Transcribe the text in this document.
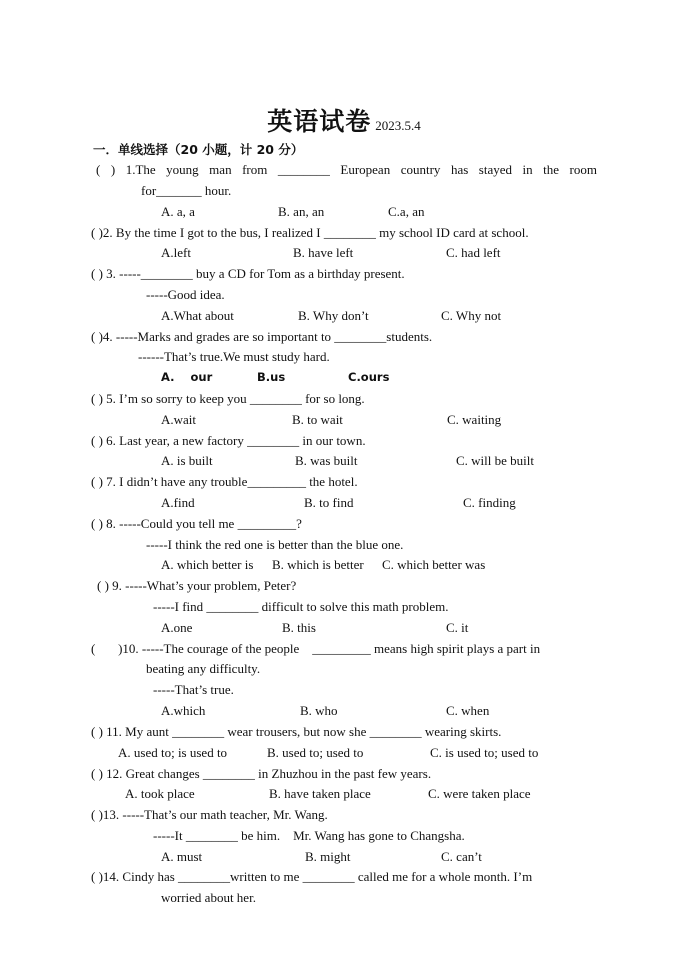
英语试卷 2023.5.4
一．单线选择（20 小题，计 20 分）
( ) 1.The young man from ________ European country has stayed in the room
for_______ hour.
A. a, a	B. an, an	C.a, an
( )2. By the time I got to the bus, I realized I ________ my school ID card at school.
A.left	B. have left	C. had left
( ) 3. -----________ buy a CD for Tom as a birthday present.
-----Good idea.
A.What about	B. Why don’t	C. Why not
( )4. -----Marks and grades are so important to ________students.
------That’s true.We must study hard.
A.    our	B.us	C.ours
( ) 5. I’m so sorry to keep you ________ for so long.
A.wait	B. to wait	C. waiting
( ) 6. Last year, a new factory ________ in our town.
A. is built	B. was built	C. will be built
( ) 7. I didn’t have any trouble_________ the hotel.
A.find	B. to find	C. finding
( ) 8. -----Could you tell me _________?
-----I think the red one is better than the blue one.
A. which better is B. which is better C. which better was
( ) 9. -----What’s your problem, Peter?
-----I find ________ difficult to solve this math problem.
A.one	B. this	C. it
(       )10. -----The courage of the people    _________ means high spirit plays a part in
beating any difficulty.
-----That’s true.
A.which	B. who	C. when
( ) 11. My aunt ________ wear trousers, but now she ________ wearing skirts.
A. used to; is used to	B. used to; used to	C. is used to; used to
( ) 12. Great changes ________ in Zhuzhou in the past few years.
A. took place	B. have taken place	C. were taken place
( )13. -----That’s our math teacher, Mr. Wang.
-----It ________ be him.    Mr. Wang has gone to Changsha.
A. must	B. might	C. can’t
( )14. Cindy has ________written to me ________ called me for a whole month. I’m
worried about her.
